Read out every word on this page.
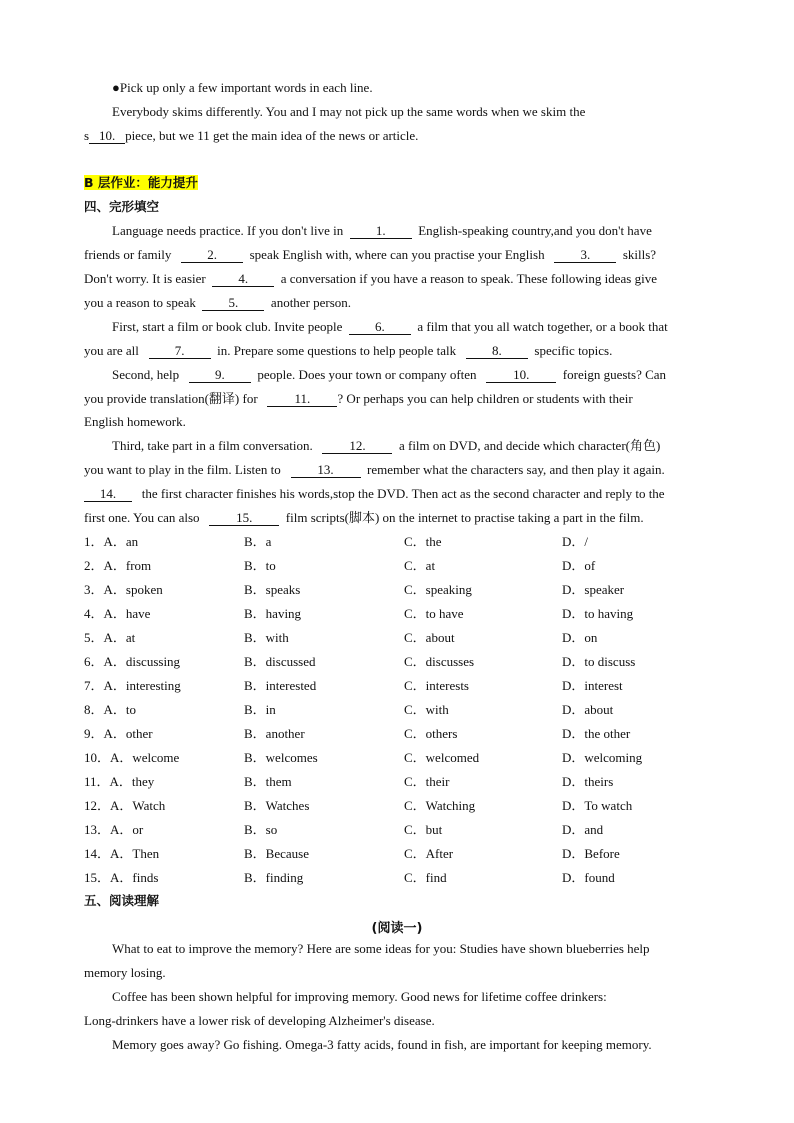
●Pick up only a few important words in each line.
Everybody skims differently. You and I may not pick up the same words when we skim the
s 10. piece, but we 11 get the main idea of the news or article.
B 层作业：能力提升
四、完形填空
Language needs practice. If you don't live in	1.	English-speaking country,and you don't have
friends or family	2.	speak English with, where can you practise your English	3.	skills?
Don't worry. It is easier	4.	a conversation if you have a reason to speak. These following ideas give
you a reason to speak	5.	another person.
First, start a film or book club. Invite people	6.	a film that you all watch together, or a book that
you are all	7.	in. Prepare some questions to help people talk	8.	specific topics.
Second, help	9.	people. Does your town or company often	10.	foreign guests? Can
you provide translation(翻译) for	11. ? Or perhaps you can help children or students with their
English homework.
Third, take part in a film conversation.	12.	a film on DVD, and decide which character(角色)
you want to play in the film. Listen to	13.	remember what the characters say, and then play it again.
14. the first character finishes his words,stop the DVD. Then act as the second character and reply to the
first one. You can also	15.	film scripts(脚本) on the internet to practise taking a part in the film.
1．A．an	B．a	C．the	D．/
2．A．from	B．to	C．at	D．of
3．A．spoken	B．speaks	C．speaking	D．speaker
4．A．have	B．having	C．to have	D．to having
5．A．at	B．with	C．about	D．on
6．A．discussing	B．discussed	C．discusses	D．to discuss
7．A．interesting	B．interested	C．interests	D．interest
8．A．to	B．in	C．with	D．about
9．A．other	B．another	C．others	D．the other
10．A．welcome	B．welcomes	C．welcomed	D．welcoming
11．A．they	B．them	C．their	D．theirs
12．A．Watch	B．Watches	C．Watching	D．To watch
13．A．or	B．so	C．but	D．and
14．A．Then	B．Because	C．After	D．Before
15．A．finds	B．finding	C．find	D．found
五、阅读理解
(阅读一)
What to eat to improve the memory? Here are some ideas for you: Studies have shown blueberries help
memory losing.
Coffee has been shown helpful for improving memory. Good news for lifetime coffee drinkers:
Long-drinkers have a lower risk of developing Alzheimer's disease.
Memory goes away? Go fishing. Omega-3 fatty acids, found in fish, are important for keeping memory.
